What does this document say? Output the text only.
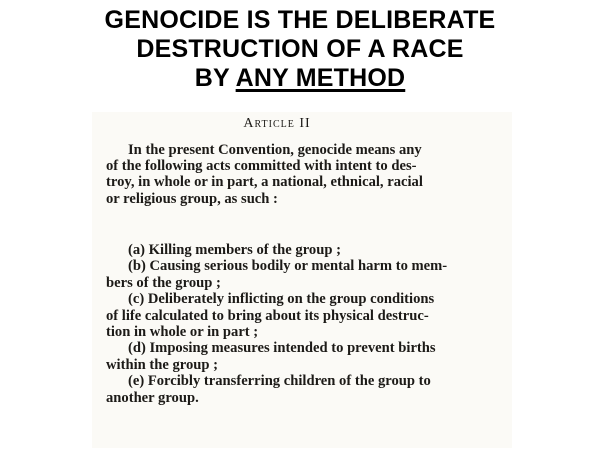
GENOCIDE IS THE DELIBERATE
DESTRUCTION OF A RACE
BY ANY METHOD
Article II
In the present Convention, genocide means any
of the following acts committed with intent to des-
troy, in whole or in part, a national, ethnical, racial
or religious group, as such :
(a) Killing members of the group ;
(b) Causing serious bodily or mental harm to mem-
bers of the group ;
(c) Deliberately inflicting on the group conditions
of life calculated to bring about its physical destruc-
tion in whole or in part ;
(d) Imposing measures intended to prevent births
within the group ;
(e) Forcibly transferring children of the group to
another group.
